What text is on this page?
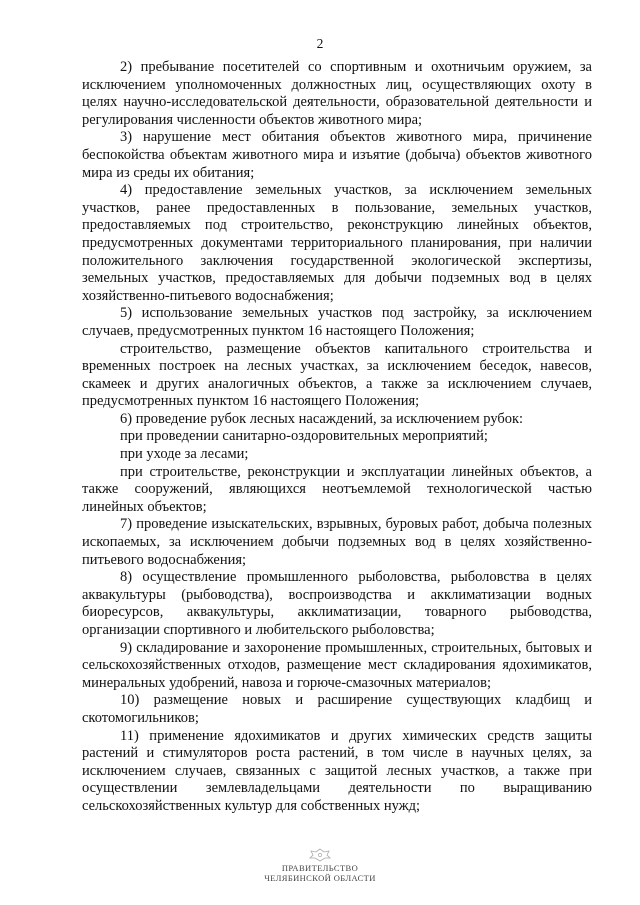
2

2) пребывание посетителей со спортивным и охотничьим оружием, за исключением уполномоченных должностных лиц, осуществляющих охоту в целях научно-исследовательской деятельности, образовательной деятельности и регулирования численности объектов животного мира;

3) нарушение мест обитания объектов животного мира, причинение беспокойства объектам животного мира и изъятие (добыча) объектов животного мира из среды их обитания;

4) предоставление земельных участков, за исключением земельных участков, ранее предоставленных в пользование, земельных участков, предоставляемых под строительство, реконструкцию линейных объектов, предусмотренных документами территориального планирования, при наличии положительного заключения государственной экологической экспертизы, земельных участков, предоставляемых для добычи подземных вод в целях хозяйственно-питьевого водоснабжения;

5) использование земельных участков под застройку, за исключением случаев, предусмотренных пунктом 16 настоящего Положения;

строительство, размещение объектов капитального строительства и временных построек на лесных участках, за исключением беседок, навесов, скамеек и других аналогичных объектов, а также за исключением случаев, предусмотренных пунктом 16 настоящего Положения;

6) проведение рубок лесных насаждений, за исключением рубок:

при проведении санитарно-оздоровительных мероприятий;

при уходе за лесами;

при строительстве, реконструкции и эксплуатации линейных объектов, а также сооружений, являющихся неотъемлемой технологической частью линейных объектов;

7) проведение изыскательских, взрывных, буровых работ, добыча полезных ископаемых, за исключением добычи подземных вод в целях хозяйственно-питьевого водоснабжения;

8) осуществление промышленного рыболовства, рыболовства в целях аквакультуры (рыбоводства), воспроизводства и акклиматизации водных биоресурсов, аквакультуры, акклиматизации, товарного рыбоводства, организации спортивного и любительского рыболовства;

9) складирование и захоронение промышленных, строительных, бытовых и сельскохозяйственных отходов, размещение мест складирования ядохимикатов, минеральных удобрений, навоза и горюче-смазочных материалов;

10) размещение новых и расширение существующих кладбищ и скотомогильников;

11) применение ядохимикатов и других химических средств защиты растений и стимуляторов роста растений, в том числе в научных целях, за исключением случаев, связанных с защитой лесных участков, а также при осуществлении землевладельцами деятельности по выращиванию сельскохозяйственных культур для собственных нужд;

ПРАВИТЕЛЬСТВО
ЧЕЛЯБИНСКОЙ ОБЛАСТИ
